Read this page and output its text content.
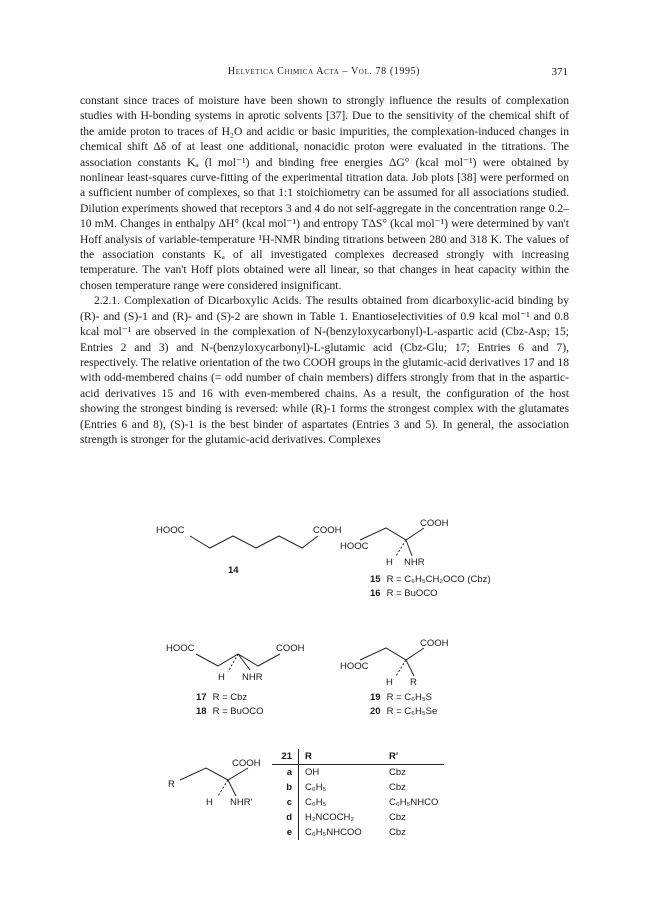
Helvetica Chimica Acta – Vol. 78 (1995)	371

constant since traces of moisture have been shown to strongly influence the results of complexation studies with H-bonding systems in aprotic solvents [37]. Due to the sensitivity of the chemical shift of the amide proton to traces of H₂O and acidic or basic impurities, the complexation-induced changes in chemical shift Δδ of at least one additional, nonacidic proton were evaluated in the titrations. The association constants Kₐ (l mol⁻¹) and binding free energies ΔG° (kcal mol⁻¹) were obtained by nonlinear least-squares curve-fitting of the experimental titration data. Job plots [38] were performed on a sufficient number of complexes, so that 1:1 stoichiometry can be assumed for all associations studied. Dilution experiments showed that receptors 3 and 4 do not self-aggregate in the concentration range 0.2–10 mM. Changes in enthalpy ΔH° (kcal mol⁻¹) and entropy TΔS° (kcal mol⁻¹) were determined by van't Hoff analysis of variable-temperature ¹H-NMR binding titrations between 280 and 318 K. The values of the association constants Kₐ of all investigated complexes decreased strongly with increasing temperature. The van't Hoff plots obtained were all linear, so that changes in heat capacity within the chosen temperature range were considered insignificant.

2.2.1. Complexation of Dicarboxylic Acids. The results obtained from dicarboxylic-acid binding by (R)- and (S)-1 and (R)- and (S)-2 are shown in Table 1. Enantioselectivities of 0.9 kcal mol⁻¹ and 0.8 kcal mol⁻¹ are observed in the complexation of N-(benzyloxycarbonyl)-L-aspartic acid (Cbz-Asp; 15; Entries 2 and 3) and N-(benzyloxycarbonyl)-L-glutamic acid (Cbz-Glu; 17; Entries 6 and 7), respectively. The relative orientation of the two COOH groups in the glutamic-acid derivatives 17 and 18 with odd-membered chains (= odd number of chain members) differs strongly from that in the aspartic-acid derivatives 15 and 16 with even-membered chains. As a result, the configuration of the host showing the strongest binding is reversed: while (R)-1 forms the strongest complex with the glutamates (Entries 6 and 8), (S)-1 is the best binder of aspartates (Entries 3 and 5). In general, the association strength is stronger for the glutamic-acid derivatives. Complexes

HOOC	COOH
14
HOOC
COOH
H NHR
15 R = C₆H₅CH₂OCO (Cbz)
16 R = BuOCO
HOOC	COOH
H NHR
17 R = Cbz
18 R = BuOCO
HOOC
COOH
H R
19 R = C₆H₅S
20 R = C₆H₅Se
R
COOH
H NHR'
21	R	R'
a	OH	Cbz
b	C₆H₅	Cbz
c	C₆H₅	C₆H₅NHCO
d	H₂NCOCH₂	Cbz
e	C₆H₅NHCOO	Cbz
